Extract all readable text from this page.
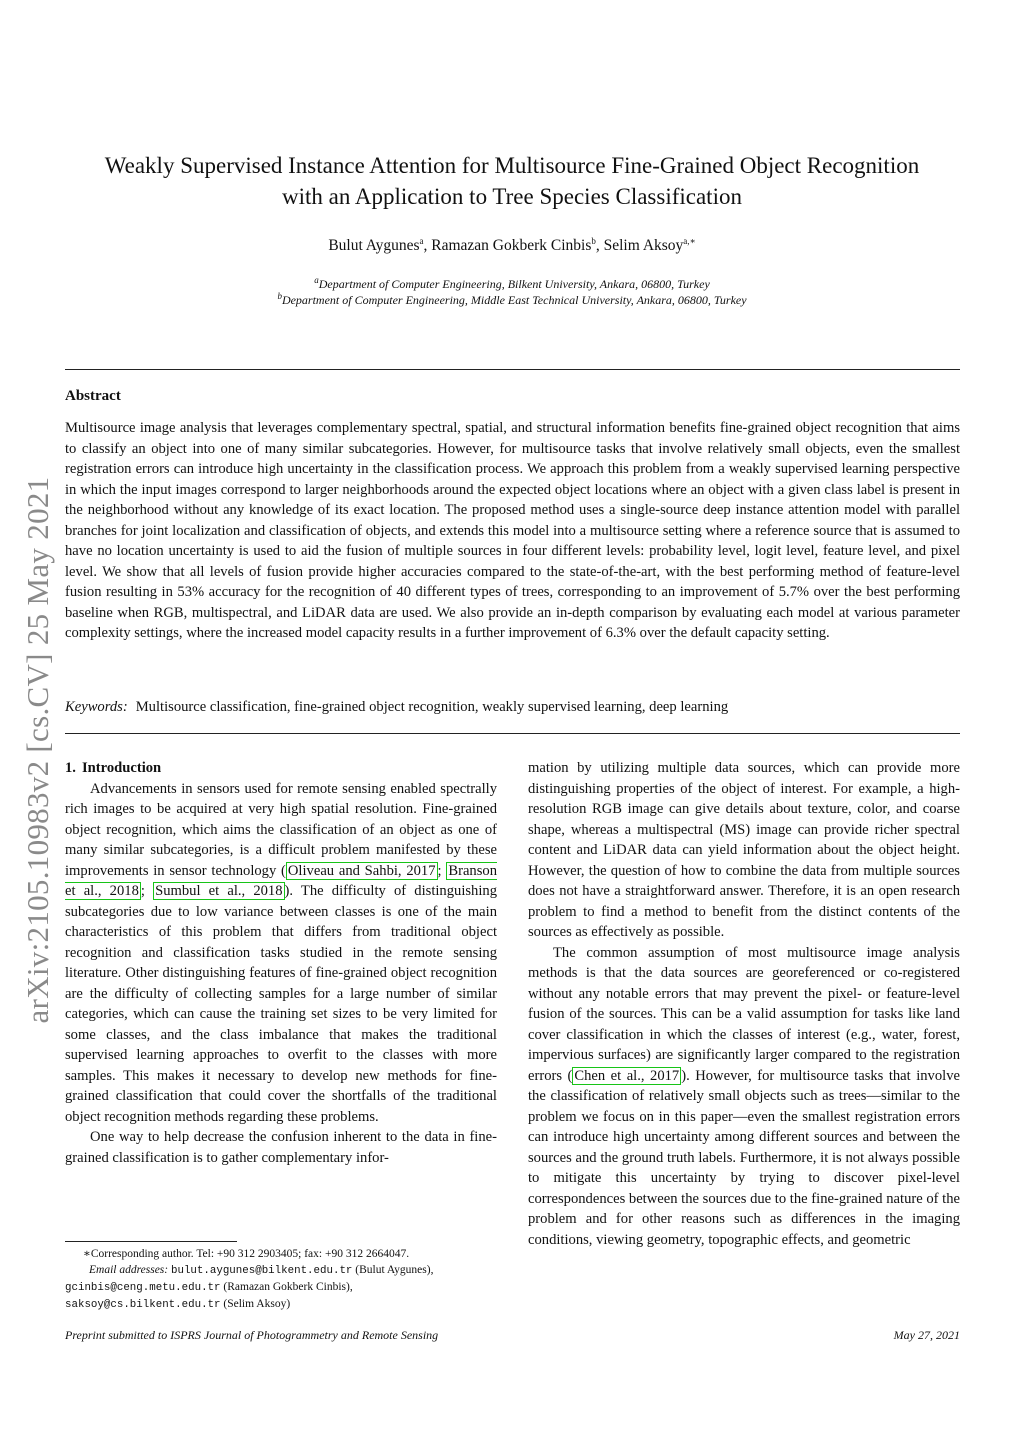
arXiv:2105.10983v2 [cs.CV] 25 May 2021
Weakly Supervised Instance Attention for Multisource Fine-Grained Object Recognition
with an Application to Tree Species Classification
Bulut Aygunes$^a$, Ramazan Gokberk Cinbis$^b$, Selim Aksoy$^{a,∗}$
$^a$Department of Computer Engineering, Bilkent University, Ankara, 06800, Turkey
$^b$Department of Computer Engineering, Middle East Technical University, Ankara, 06800, Turkey
Abstract
Multisource image analysis that leverages complementary spectral, spatial, and structural information benefits fine-grained object recognition that aims to classify an object into one of many similar subcategories. However, for multisource tasks that involve relatively small objects, even the smallest registration errors can introduce high uncertainty in the classification process. We approach this problem from a weakly supervised learning perspective in which the input images correspond to larger neighborhoods around the expected object locations where an object with a given class label is present in the neighborhood without any knowledge of its exact location. The proposed method uses a single-source deep instance attention model with parallel branches for joint localization and classification of objects, and extends this model into a multisource setting where a reference source that is assumed to have no location uncertainty is used to aid the fusion of multiple sources in four different levels: probability level, logit level, feature level, and pixel level. We show that all levels of fusion provide higher accuracies compared to the state-of-the-art, with the best performing method of feature-level fusion resulting in 53% accuracy for the recognition of 40 different types of trees, corresponding to an improvement of 5.7% over the best performing baseline when RGB, multispectral, and LiDAR data are used. We also provide an in-depth comparison by evaluating each model at various parameter complexity settings, where the increased model capacity results in a further improvement of 6.3% over the default capacity setting.
Keywords: Multisource classification, fine-grained object recognition, weakly supervised learning, deep learning

1. Introduction

Advancements in sensors used for remote sensing enabled spectrally rich images to be acquired at very high spatial resolution. Fine-grained object recognition, which aims the classification of an object as one of many similar subcategories, is a difficult problem manifested by these improvements in sensor technology ( Oliveau and Sahbi, 2017 ; Branson et al., 2018 ; Sumbul et al., 2018 ). The difficulty of distinguishing subcategories due to low variance between classes is one of the main characteristics of this problem that differs from traditional object recognition and classification tasks studied in the remote sensing literature. Other distinguishing features of fine-grained object recognition are the difficulty of collecting samples for a large number of similar categories, which can cause the training set sizes to be very limited for some classes, and the class imbalance that makes the traditional supervised learning approaches to overfit to the classes with more samples. This makes it necessary to develop new methods for fine-grained classification that could cover the shortfalls of the traditional object recognition methods regarding these problems.

One way to help decrease the confusion inherent to the data in fine-grained classification is to gather complementary infor-

mation by utilizing multiple data sources, which can provide more distinguishing properties of the object of interest. For example, a high-resolution RGB image can give details about texture, color, and coarse shape, whereas a multispectral (MS) image can provide richer spectral content and LiDAR data can yield information about the object height. However, the question of how to combine the data from multiple sources does not have a straightforward answer. Therefore, it is an open research problem to find a method to benefit from the distinct contents of the sources as effectively as possible.

The common assumption of most multisource image analysis methods is that the data sources are georeferenced or co-registered without any notable errors that may prevent the pixel- or feature-level fusion of the sources. This can be a valid assumption for tasks like land cover classification in which the classes of interest (e.g., water, forest, impervious surfaces) are significantly larger compared to the registration errors ( Chen et al., 2017 ). However, for multisource tasks that involve the classification of relatively small objects such as trees—similar to the problem we focus on in this paper—even the smallest registration errors can introduce high uncertainty among different sources and between the sources and the ground truth labels. Furthermore, it is not always possible to mitigate this uncertainty by trying to discover pixel-level correspondences between the sources due to the fine-grained nature of the problem and for other reasons such as differences in the imaging conditions, viewing geometry, topographic effects, and geometric

∗Corresponding author. Tel: +90 312 2903405; fax: +90 312 2664047.
Email addresses: bulut.aygunes@bilkent.edu.tr (Bulut Aygunes),
gcinbis@ceng.metu.edu.tr (Ramazan Gokberk Cinbis),
saksoy@cs.bilkent.edu.tr (Selim Aksoy)
Preprint submitted to ISPRS Journal of Photogrammetry and Remote Sensing	May 27, 2021
